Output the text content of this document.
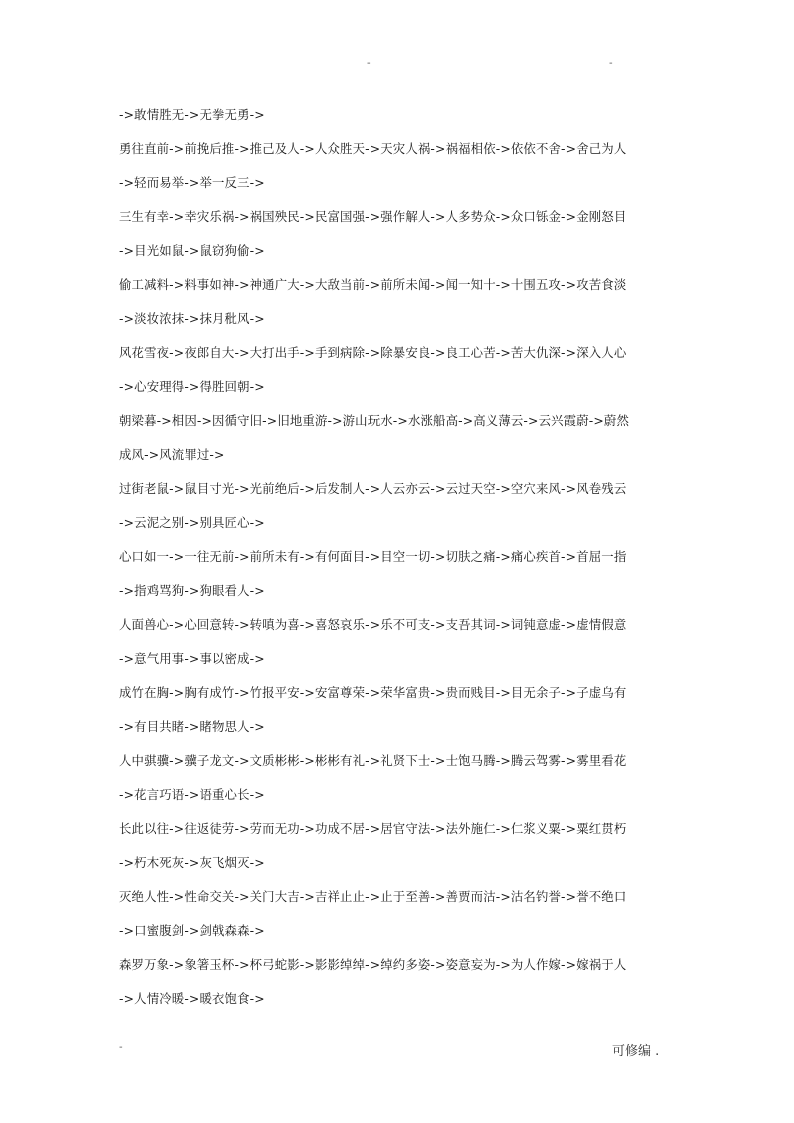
-	-
->敢情胜无->无拳无勇->
勇往直前->前挽后推->推己及人->人众胜天->天灾人祸->祸福相依->依依不舍->舍己为人
->轻而易举->举一反三->
三生有幸->幸灾乐祸->祸国殃民->民富国强->强作解人->人多势众->众口铄金->金刚怒目
->目光如鼠->鼠窃狗偷->
偷工减料->料事如神->神通广大->大敌当前->前所未闻->闻一知十->十围五攻->攻苦食淡
->淡妆浓抹->抹月秕风->
风花雪夜->夜郎自大->大打出手->手到病除->除暴安良->良工心苦->苦大仇深->深入人心
->心安理得->得胜回朝->
朝梁暮->相因->因循守旧->旧地重游->游山玩水->水涨船高->高义薄云->云兴霞蔚->蔚然
成风->风流罪过->
过街老鼠->鼠目寸光->光前绝后->后发制人->人云亦云->云过天空->空穴来风->风卷残云
->云泥之别->别具匠心->
心口如一->一往无前->前所未有->有何面目->目空一切->切肤之痛->痛心疾首->首屈一指
->指鸡骂狗->狗眼看人->
人面兽心->心回意转->转嗔为喜->喜怒哀乐->乐不可支->支吾其词->词钝意虚->虚情假意
->意气用事->事以密成->
成竹在胸->胸有成竹->竹报平安->安富尊荣->荣华富贵->贵而贱目->目无余子->子虚乌有
->有目共睹->睹物思人->
人中骐骥->骥子龙文->文质彬彬->彬彬有礼->礼贤下士->士饱马腾->腾云驾雾->雾里看花
->花言巧语->语重心长->
长此以往->往返徒劳->劳而无功->功成不居->居官守法->法外施仁->仁浆义粟->粟红贯朽
->朽木死灰->灰飞烟灭->
灭绝人性->性命交关->关门大吉->吉祥止止->止于至善->善贾而沽->沽名钓誉->誉不绝口
->口蜜腹剑->剑戟森森->
森罗万象->象箸玉杯->杯弓蛇影->影影绰绰->绰约多姿->姿意妄为->为人作嫁->嫁祸于人
->人情冷暖->暖衣饱食->
-	可修编 .
